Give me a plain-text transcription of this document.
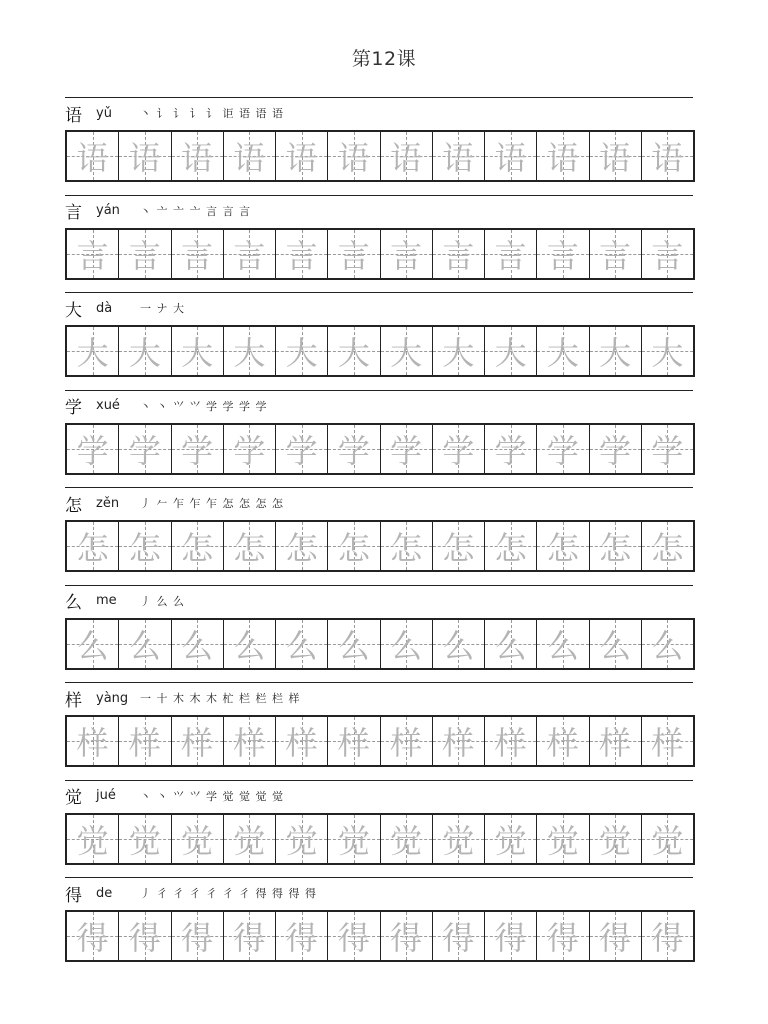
第12课
语 yǔ	丶 讠 讠 讠 讠 讵 语 语 语
语 语 语 语 语 语 语 语 语 语 语 语
言 yán	丶 亠 亠 亠 言 言 言
言 言 言 言 言 言 言 言 言 言 言 言
大 dà	一 ナ 大
大 大 大 大 大 大 大 大 大 大 大 大
学 xué	丶 丶 ⺍ ⺍ 学 学 学 学
学 学 学 学 学 学 学 学 学 学 学 学
怎 zěn	丿 𠂉 乍 乍 乍 怎 怎 怎 怎
怎 怎 怎 怎 怎 怎 怎 怎 怎 怎 怎 怎
么 me	丿 么 么
么 么 么 么 么 么 么 么 么 么 么 么
样 yàng	一 十 木 木 木 杧 栏 栏 栏 样
样 样 样 样 样 样 样 样 样 样 样 样
觉 jué	丶 丶 ⺍ ⺍ 学 觉 觉 觉 觉
觉 觉 觉 觉 觉 觉 觉 觉 觉 觉 觉 觉
得 de	丿 彳 彳 彳 彳 彳 彳 得 得 得 得
得 得 得 得 得 得 得 得 得 得 得 得
